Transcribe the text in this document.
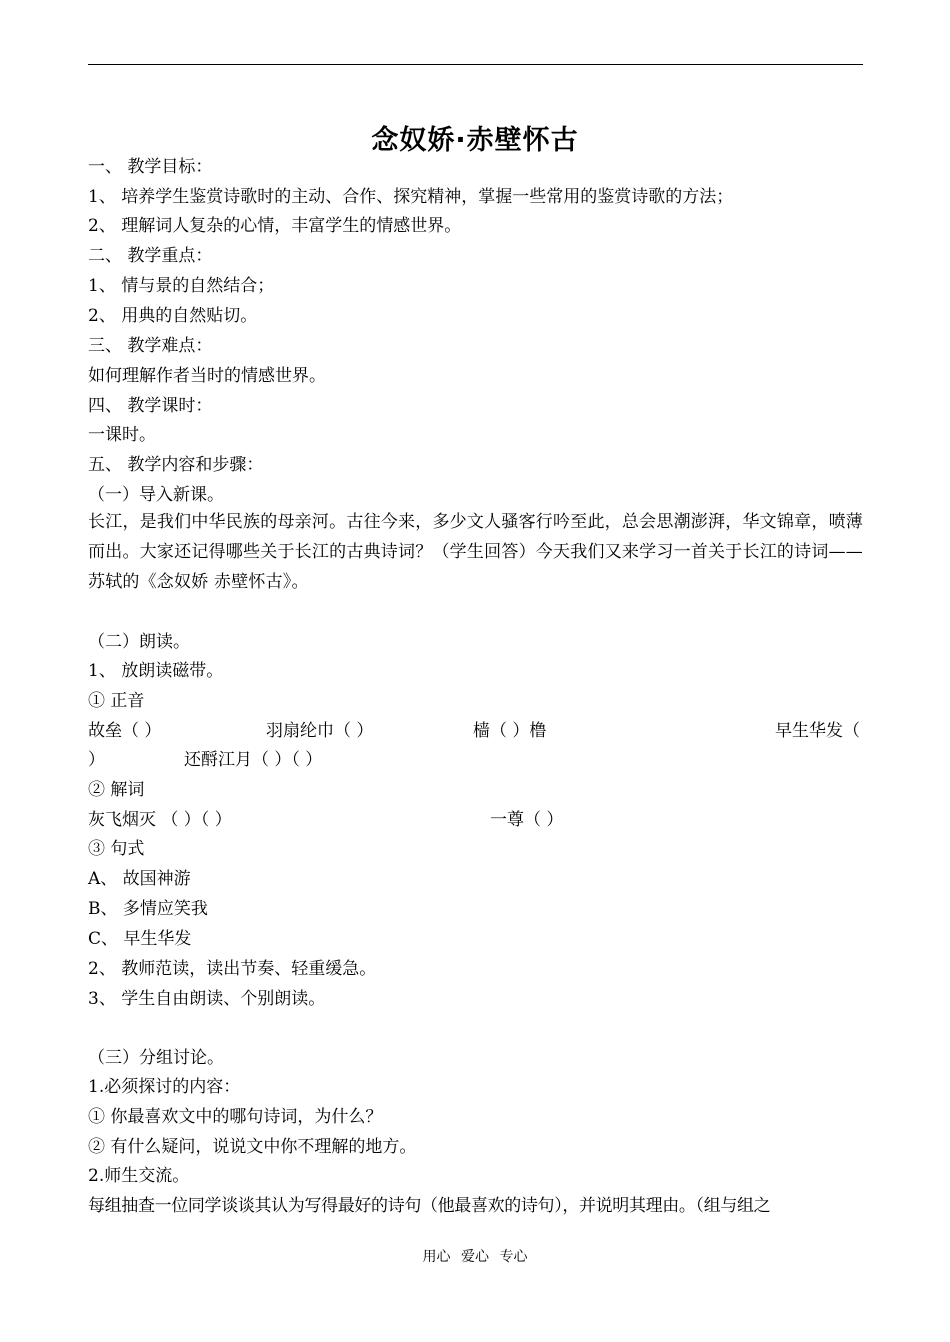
念奴娇·赤壁怀古
一、 教学目标：
1、 培养学生鉴赏诗歌时的主动、合作、探究精神，掌握一些常用的鉴赏诗歌的方法；
2、 理解词人复杂的心情，丰富学生的情感世界。
二、 教学重点：
1、 情与景的自然结合；
2、 用典的自然贴切。
三、 教学难点：
如何理解作者当时的情感世界。
四、 教学课时：
一课时。
五、 教学内容和步骤：
（一）导入新课。
长江，是我们中华民族的母亲河。古往今来，多少文人骚客行吟至此，总会思潮澎湃，华文锦章，喷薄而出。大家还记得哪些关于长江的古典诗词？（学生回答）今天我们又来学习一首关于长江的诗词——苏轼的《念奴娇 赤壁怀古》。
（二）朗读。
1、 放朗读磁带。
① 正音
故垒（ ）	羽扇纶巾（ ）	樯（ ）橹	早生华发（
）	还酹江月（ ）（ ）
② 解词
灰飞烟灭 （ ）（ ）	一尊（ ）
③ 句式
A、 故国神游
B、 多情应笑我
C、 早生华发
2、 教师范读，读出节奏、轻重缓急。
3、 学生自由朗读、个别朗读。
（三）分组讨论。
1.必须探讨的内容：
① 你最喜欢文中的哪句诗词，为什么？
② 有什么疑问，说说文中你不理解的地方。
2.师生交流。
每组抽查一位同学谈谈其认为写得最好的诗句（他最喜欢的诗句），并说明其理由。（组与组之
用心 爱心 专心
